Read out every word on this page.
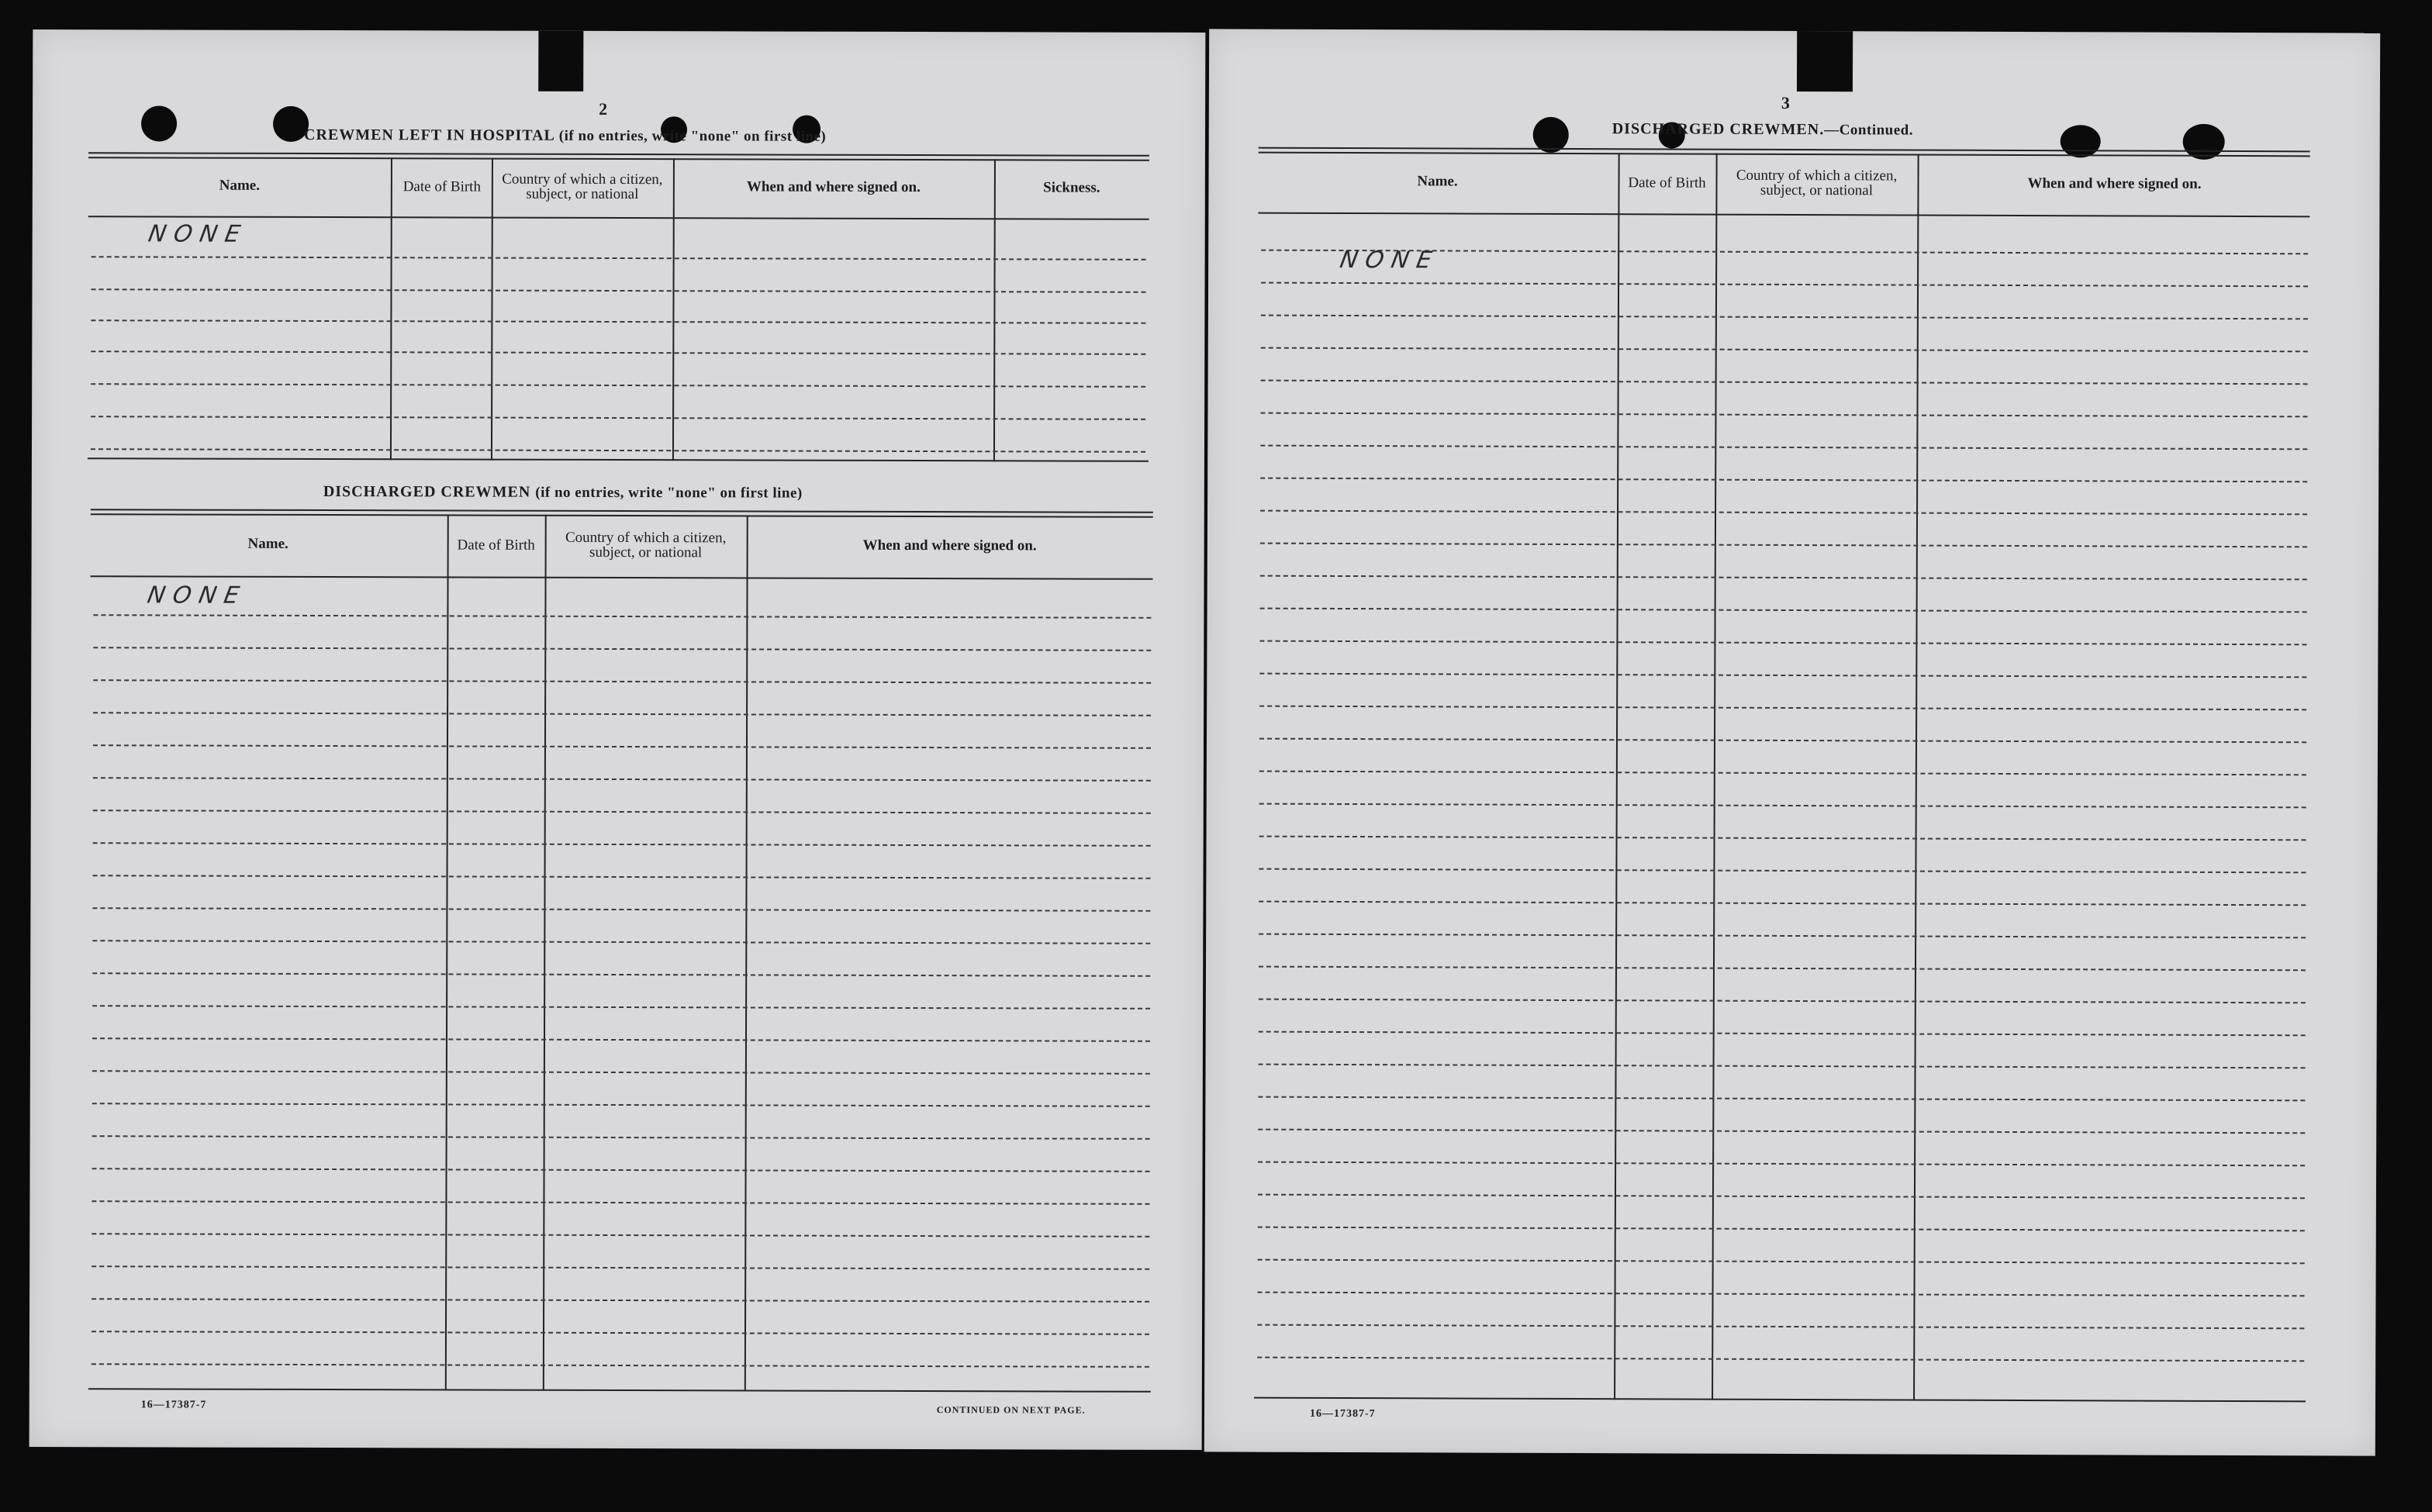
2
CREWMEN LEFT IN HOSPITAL (if no entries, write "none" on first line)
Name.	Date of Birth	Country of which a citizen, subject, or national	When and where signed on.	Sickness.
NONE
DISCHARGED CREWMEN (if no entries, write "none" on first line)
Name.	Date of Birth	Country of which a citizen, subject, or national	When and where signed on.
NONE
16—17387-7	CONTINUED ON NEXT PAGE.
3
DISCHARGED CREWMEN.—Continued.
Name.	Date of Birth	Country of which a citizen, subject, or national	When and where signed on.
NONE
16—17387-7
